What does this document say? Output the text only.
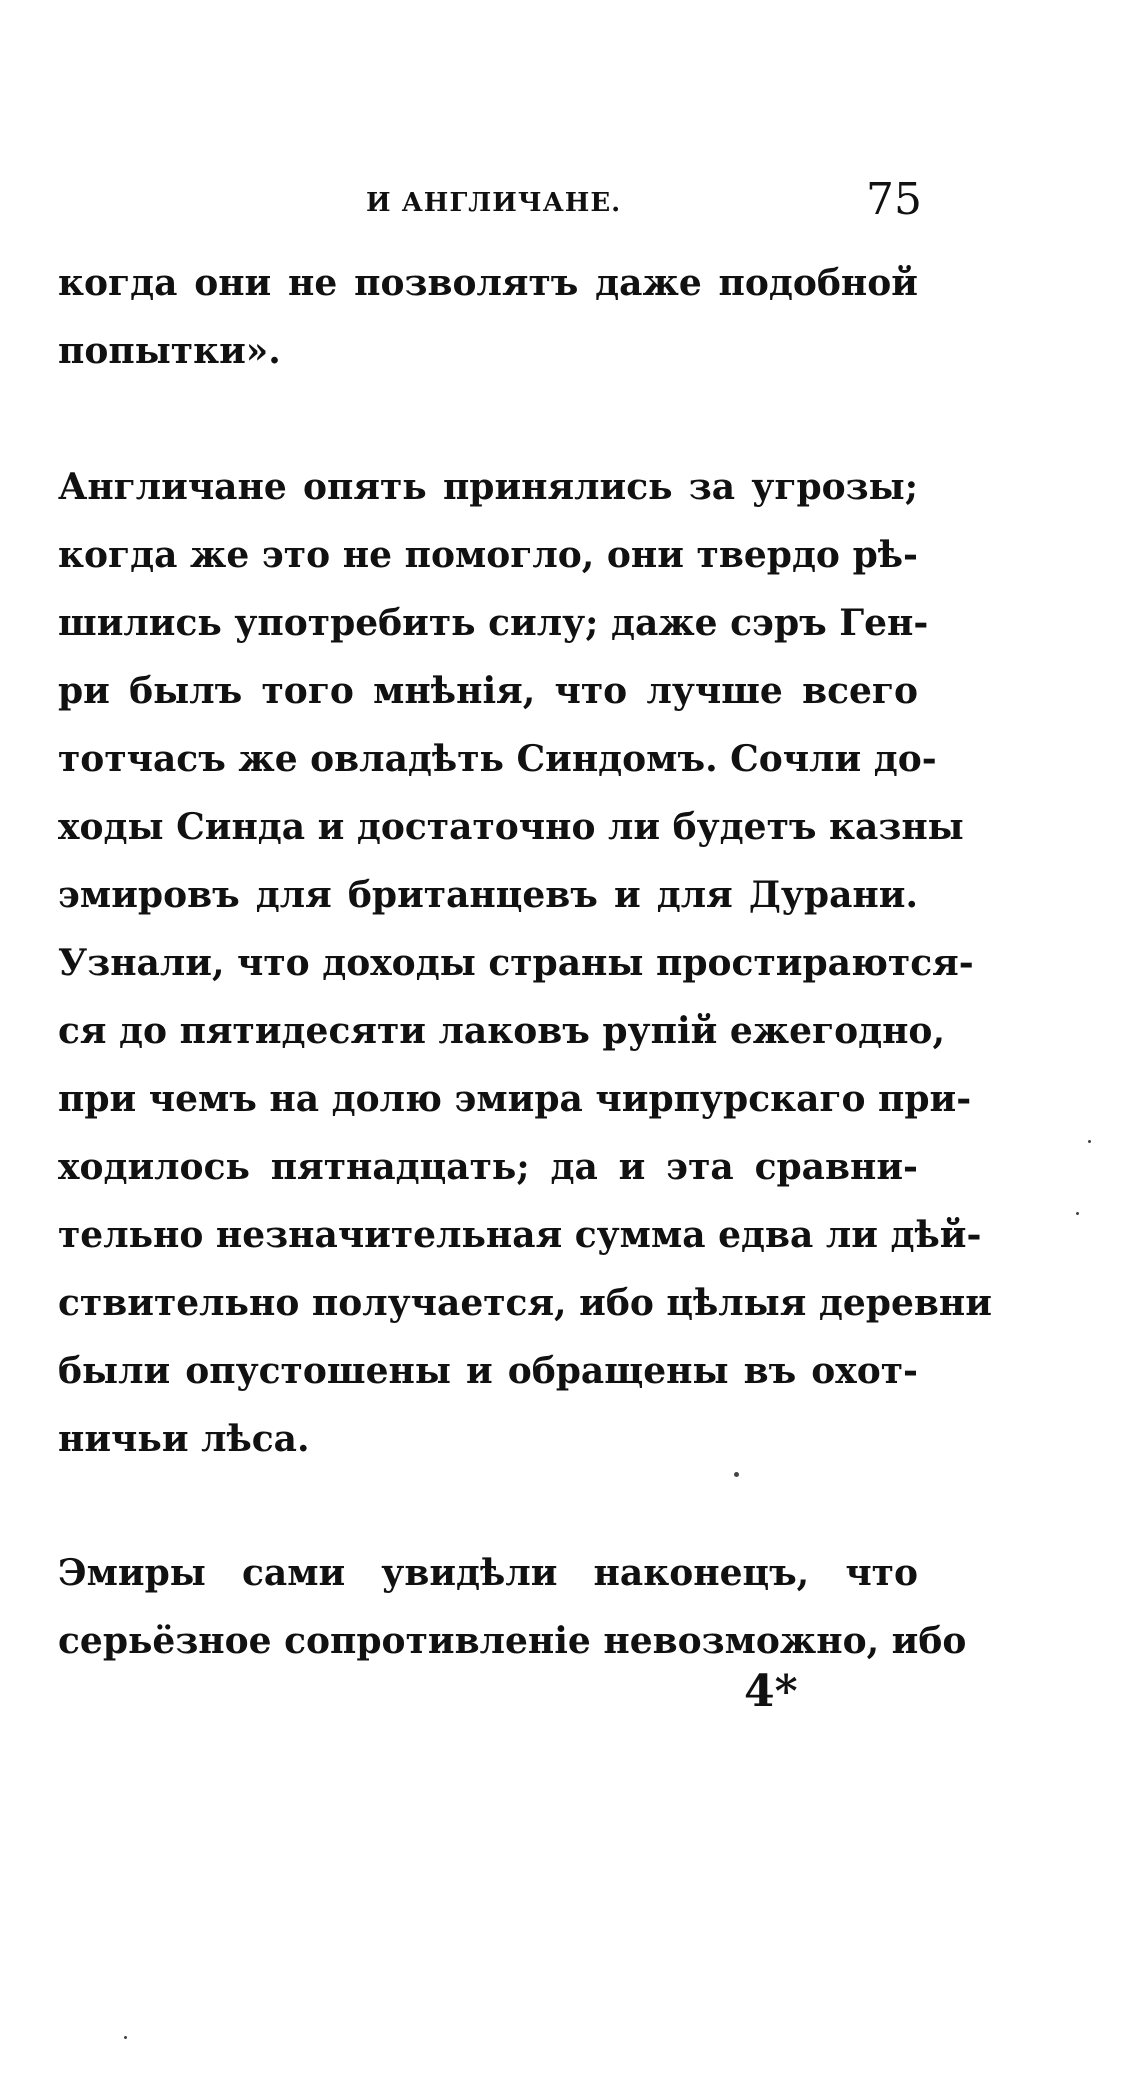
И АНГЛИЧАНЕ.	75
когда они не позволятъ даже подобной
попытки».
Англичане опять принялись за угрозы;
когда же это не помогло, они твердо рѣ-
шились употребить силу; даже сэръ Ген-
ри былъ того мнѣнія, что лучше всего
тотчасъ же овладѣть Синдомъ. Сочли до-
ходы Синда и достаточно ли будетъ казны
эмировъ для британцевъ и для Дурани.
Узнали, что доходы страны простираются-
ся до пятидесяти лаковъ рупій ежегодно,
при чемъ на долю эмира чирпурскаго при-
ходилось пятнадцать; да и эта сравни-
тельно незначительная сумма едва ли дѣй-
ствительно получается, ибо цѣлыя деревни
были опустошены и обращены въ охот-
ничьи лѣса.
Эмиры сами увидѣли наконецъ, что
серьёзное сопротивленіе невозможно, ибо
4*
